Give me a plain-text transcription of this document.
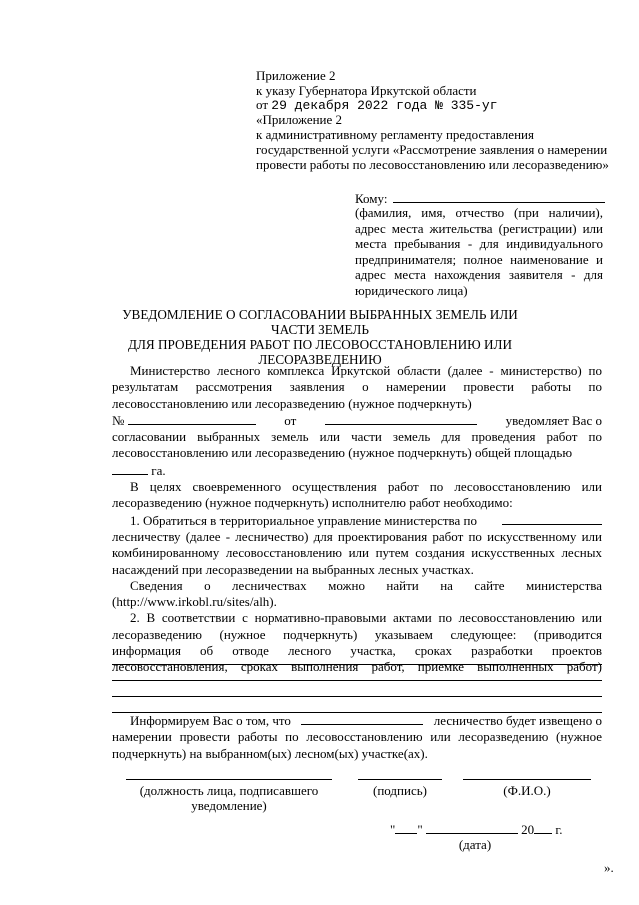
Приложение 2
к указу Губернатора Иркутской области
от 29 декабря 2022 года № 335-уг
«Приложение 2
к административному регламенту предоставления
государственной услуги «Рассмотрение заявления о намерении
провести работы по лесовосстановлению или лесоразведению»
Кому:
(фамилия, имя, отчество (при наличии),
адрес места жительства (регистрации) или
места пребывания - для индивидуального
предпринимателя; полное наименование и
адрес места нахождения заявителя - для
юридического лица)
УВЕДОМЛЕНИЕ О СОГЛАСОВАНИИ ВЫБРАННЫХ ЗЕМЕЛЬ ИЛИ ЧАСТИ ЗЕМЕЛЬ
ДЛЯ ПРОВЕДЕНИЯ РАБОТ ПО ЛЕСОВОССТАНОВЛЕНИЮ ИЛИ
ЛЕСОРАЗВЕДЕНИЮ

Министерство лесного комплекса Иркутской области (далее - министерство) по результатам рассмотрения заявления о намерении провести работы по лесовосстановлению или лесоразведению (нужное подчеркнуть)

№	от	уведомляет Вас о

согласовании выбранных земель или части земель для проведения работ по лесовосстановлению или лесоразведению (нужное подчеркнуть) общей площадью

га.

В целях своевременного осуществления работ по лесовосстановлению или лесоразведению (нужное подчеркнуть) исполнителю работ необходимо:

1. Обратиться в территориальное управление министерства по

лесничеству (далее - лесничество) для проектирования работ по искусственному или комбинированному лесовосстановлению или путем создания искусственных лесных насаждений при лесоразведении на выбранных лесных участках.

Сведения о лесничествах можно найти на сайте министерства

(http://www.irkobl.ru/sites/alh).

2. В соответствии с нормативно-правовыми актами по лесовосстановлению или лесоразведению (нужное подчеркнуть) указываем следующее: (приводится информация об отводе лесного участка, сроках разработки проектов лесовосстановления, сроках выполнения работ, приемке выполненных работ)

Информируем Вас о том, что	лесничество будет извещено о

намерении провести работы по лесовосстановлению или лесоразведению (нужное подчеркнуть) на выбранном(ых) лесном(ых) участке(ах).

(должность лица, подписавшего
уведомление)
(подпись)	(Ф.И.О.)
" "	20 г.
(дата)
».
